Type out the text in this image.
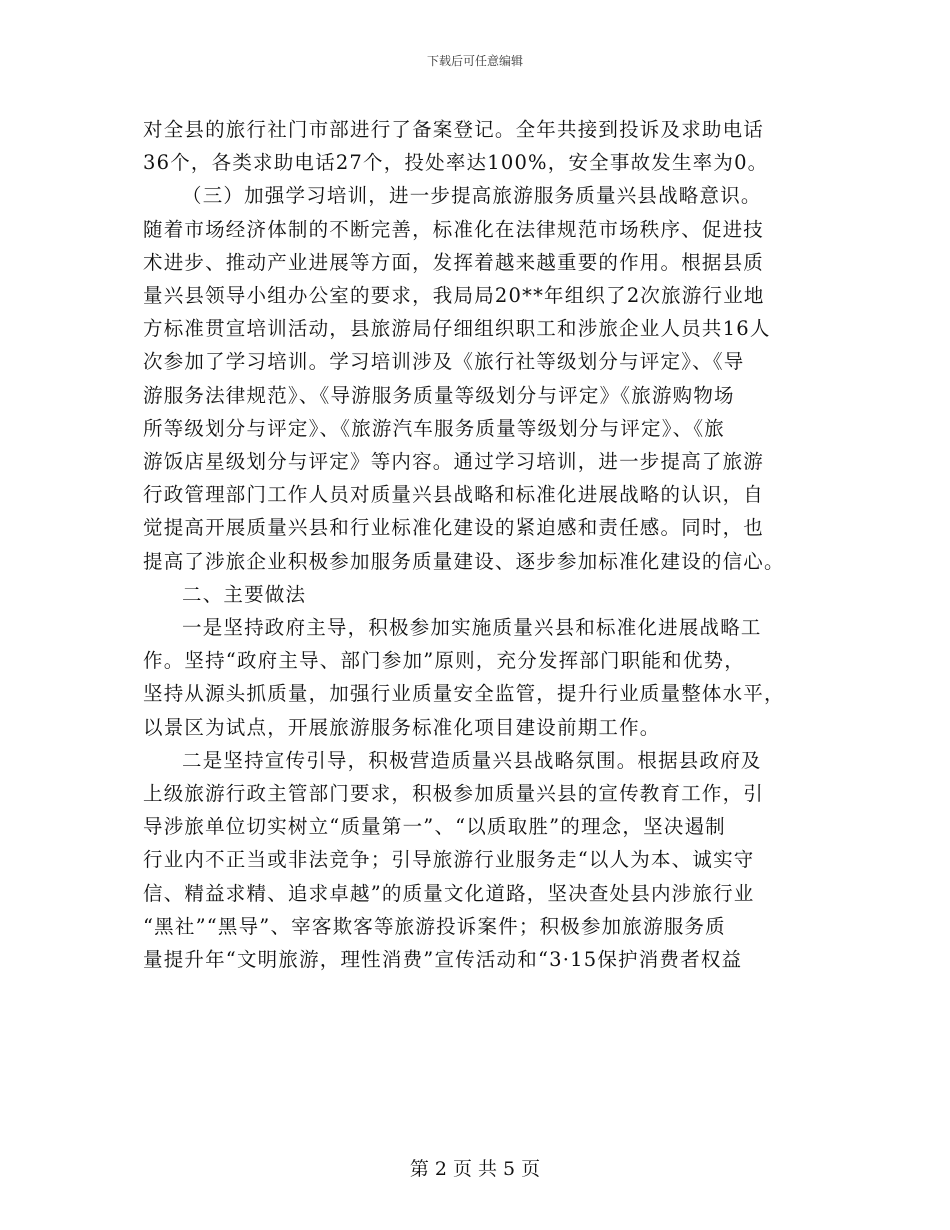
下载后可任意编辑

对全县的旅行社门市部进行了备案登记。全年共接到投诉及求助电话
36个，各类求助电话27个，投处率达100%，安全事故发生率为0。

（三）加强学习培训，进一步提高旅游服务质量兴县战略意识。
随着市场经济体制的不断完善，标准化在法律规范市场秩序、促进技
术进步、推动产业进展等方面，发挥着越来越重要的作用。根据县质
量兴县领导小组办公室的要求，我局局20**年组织了2次旅游行业地
方标准贯宣培训活动，县旅游局仔细组织职工和涉旅企业人员共16人
次参加了学习培训。学习培训涉及《旅行社等级划分与评定》、《导
游服务法律规范》、《导游服务质量等级划分与评定》《旅游购物场
所等级划分与评定》、《旅游汽车服务质量等级划分与评定》、《旅
游饭店星级划分与评定》等内容。通过学习培训，进一步提高了旅游
行政管理部门工作人员对质量兴县战略和标准化进展战略的认识，自
觉提高开展质量兴县和行业标准化建设的紧迫感和责任感。同时，也
提高了涉旅企业积极参加服务质量建设、逐步参加标准化建设的信心。

二、主要做法

一是坚持政府主导，积极参加实施质量兴县和标准化进展战略工
作。坚持“政府主导、部门参加”原则，充分发挥部门职能和优势，
坚持从源头抓质量，加强行业质量安全监管，提升行业质量整体水平，
以景区为试点，开展旅游服务标准化项目建设前期工作。

二是坚持宣传引导，积极营造质量兴县战略氛围。根据县政府及
上级旅游行政主管部门要求，积极参加质量兴县的宣传教育工作，引
导涉旅单位切实树立“质量第一”、“以质取胜”的理念，坚决遏制
行业内不正当或非法竞争；引导旅游行业服务走“以人为本、诚实守
信、精益求精、追求卓越”的质量文化道路，坚决查处县内涉旅行业
“黑社”“黑导”、宰客欺客等旅游投诉案件；积极参加旅游服务质
量提升年“文明旅游，理性消费”宣传活动和“3·15保护消费者权益

第 2 页 共 5 页
